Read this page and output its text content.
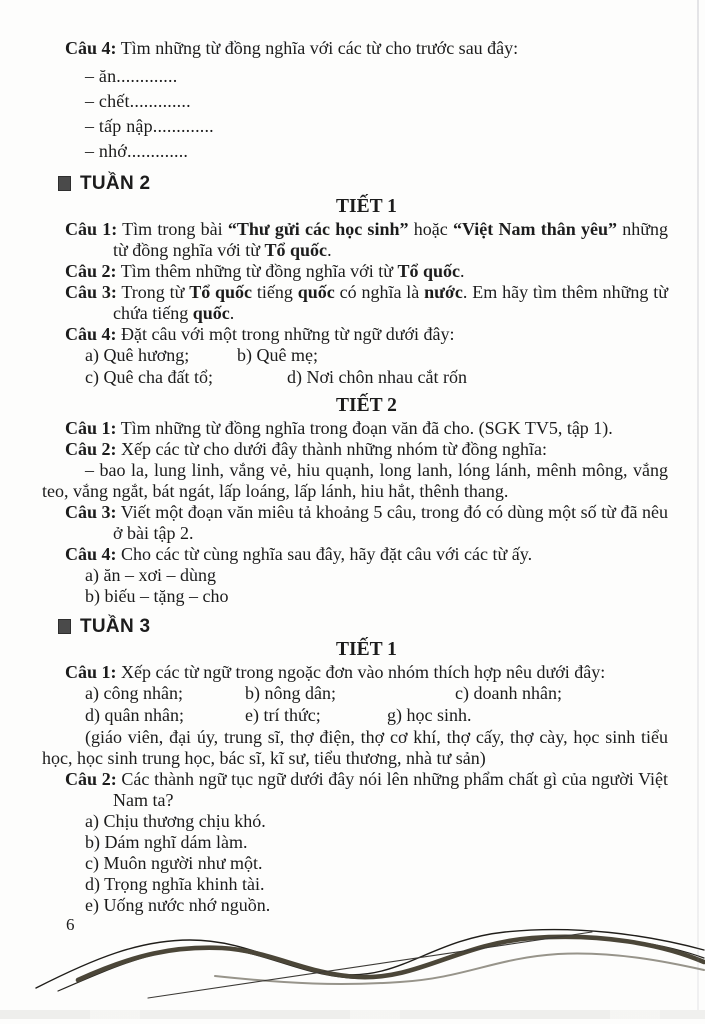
Câu 4: Tìm những từ đồng nghĩa với các từ cho trước sau đây:

– ăn.............

– chết.............

– tấp nập.............

– nhớ.............

TUẦN 2

TIẾT 1

Câu 1: Tìm trong bài “Thư gửi các học sinh” hoặc “Việt Nam thân yêu” những từ đồng nghĩa với từ Tổ quốc.

Câu 2: Tìm thêm những từ đồng nghĩa với từ Tổ quốc.

Câu 3: Trong từ Tổ quốc tiếng quốc có nghĩa là nước. Em hãy tìm thêm những từ chứa tiếng quốc.

Câu 4: Đặt câu với một trong những từ ngữ dưới đây:

a) Quê hương;	b) Quê mẹ;
c) Quê cha đất tổ;	d) Nơi chôn nhau cắt rốn

TIẾT 2

Câu 1: Tìm những từ đồng nghĩa trong đoạn văn đã cho. (SGK TV5, tập 1).

Câu 2: Xếp các từ cho dưới đây thành những nhóm từ đồng nghĩa:

– bao la, lung linh, vắng vẻ, hiu quạnh, long lanh, lóng lánh, mênh mông, vắng teo, vắng ngắt, bát ngát, lấp loáng, lấp lánh, hiu hắt, thênh thang.

Câu 3: Viết một đoạn văn miêu tả khoảng 5 câu, trong đó có dùng một số từ đã nêu ở bài tập 2.

Câu 4: Cho các từ cùng nghĩa sau đây, hãy đặt câu với các từ ấy.

a) ăn – xơi – dùng

b) biếu – tặng – cho

TUẦN 3

TIẾT 1

Câu 1: Xếp các từ ngữ trong ngoặc đơn vào nhóm thích hợp nêu dưới đây:

a) công nhân;	b) nông dân;	c) doanh nhân;
d) quân nhân;	e) trí thức;	g) học sinh.

(giáo viên, đại úy, trung sĩ, thợ điện, thợ cơ khí, thợ cấy, thợ cày, học sinh tiểu học, học sinh trung học, bác sĩ, kĩ sư, tiểu thương, nhà tư sản)

Câu 2: Các thành ngữ tục ngữ dưới đây nói lên những phẩm chất gì của người Việt Nam ta?

a) Chịu thương chịu khó.

b) Dám nghĩ dám làm.

c) Muôn người như một.

d) Trọng nghĩa khinh tài.

e) Uống nước nhớ nguồn.

6
